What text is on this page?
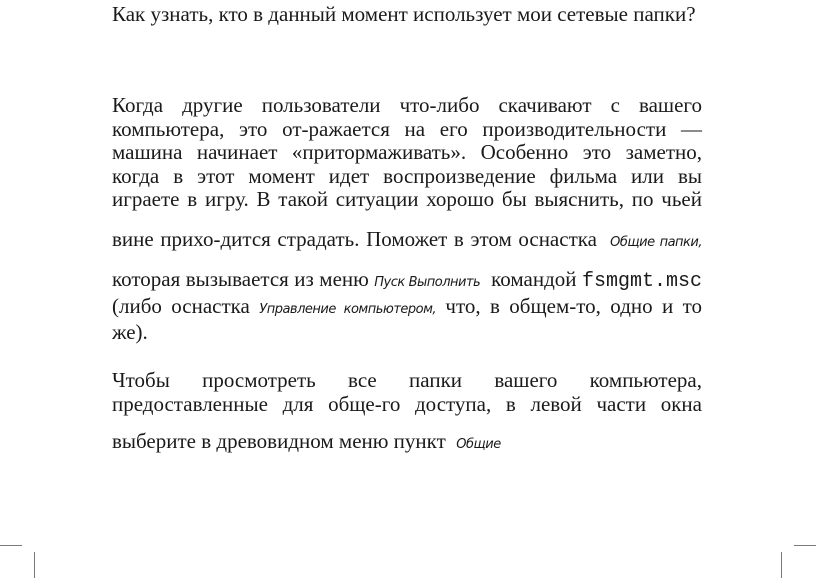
Как узнать, кто в данный момент использует мои сетевые папки?

Когда другие пользователи что-либо скачивают с вашего компьютера, это от-ражается на его производительности — машина начинает «притормаживать». Особенно это заметно, когда в этот момент идет воспроизведение фильма или вы играете в игру. В такой ситуации хорошо бы выяснить, по чьей вине прихо-дится страдать. Поможет в этом оснастка Общие папки, которая вызывается из меню Пуск Выполнить командой fsmgmt.msc (либо оснастка Управление компьютером, что, в общем-то, одно и то же).

Чтобы просмотреть все папки вашего компьютера, предоставленные для обще-го доступа, в левой части окна выберите в древовидном меню пункт Общие
